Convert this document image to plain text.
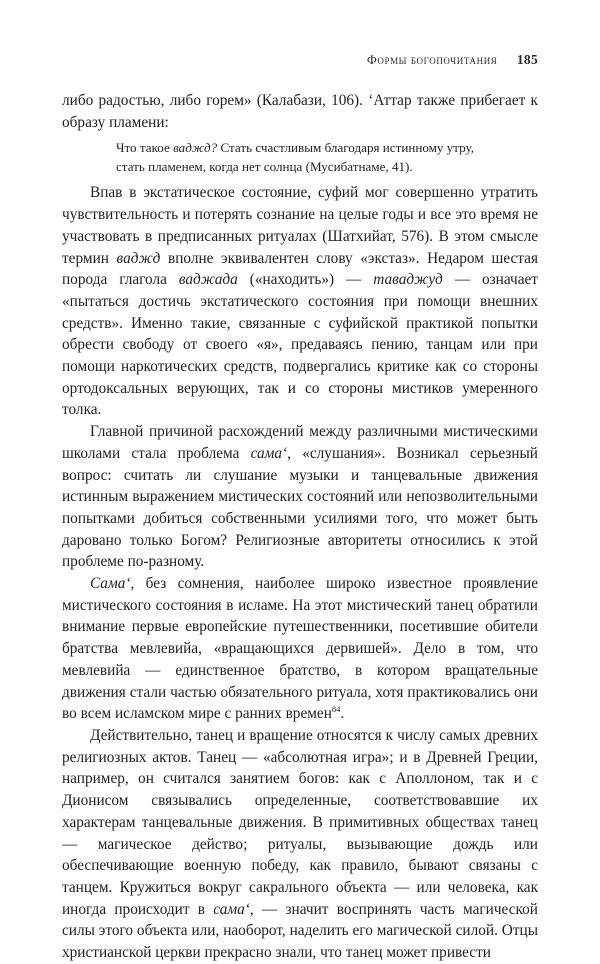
Формы богопочитания 185

либо радостью, либо горем» (Калабази, 106). ‘Аттар также прибегает к образу пламени:

Что такое ваджд? Стать счастливым благодаря истинному утру,
стать пламенем, когда нет солнца (Мусибатнаме, 41).

Впав в экстатическое состояние, суфий мог совершенно утратить чувствительность и потерять сознание на целые годы и все это время не участвовать в предписанных ритуалах (Шатхийат, 576). В этом смысле термин ваджд вполне эквивалентен слову «экстаз». Недаром шестая порода глагола ваджада («находить») — таваджуд — означает «пытаться достичь экстатического состояния при помощи внешних средств». Именно такие, связанные с суфийской практикой попытки обрести свободу от своего «я», предаваясь пению, танцам или при помощи наркотических средств, подвергались критике как со стороны ортодоксальных верующих, так и со стороны мистиков умеренного толка.

Главной причиной расхождений между различными мистическими школами стала проблема сама‘, «слушания». Возникал серьезный вопрос: считать ли слушание музыки и танцевальные движения истинным выражением мистических состояний или непозволительными попытками добиться собственными усилиями того, что может быть даровано только Богом? Религиозные авторитеты относились к этой проблеме по-разному.

Сама‘, без сомнения, наиболее широко известное проявление мистического состояния в исламе. На этот мистический танец обратили внимание первые европейские путешественники, посетившие обители братства мевлевийа, «вращающихся дервишей». Дело в том, что мевлевийа — единственное братство, в котором вращательные движения стали частью обязательного ритуала, хотя практиковались они во всем исламском мире с ранних времен$^{84}$.

Действительно, танец и вращение относятся к числу самых древних религиозных актов. Танец — «абсолютная игра»; и в Древней Греции, например, он считался занятием богов: как с Аполлоном, так и с Дионисом связывались определенные, соответствовавшие их характерам танцевальные движения. В примитивных обществах танец — магическое действо; ритуалы, вызывающие дождь или обеспечивающие военную победу, как правило, бывают связаны с танцем. Кружиться вокруг сакрального объекта — или человека, как иногда происходит в сама‘, — значит воспринять часть магической силы этого объекта или, наоборот, наделить его магической силой. Отцы христианской церкви прекрасно знали, что танец может привести
